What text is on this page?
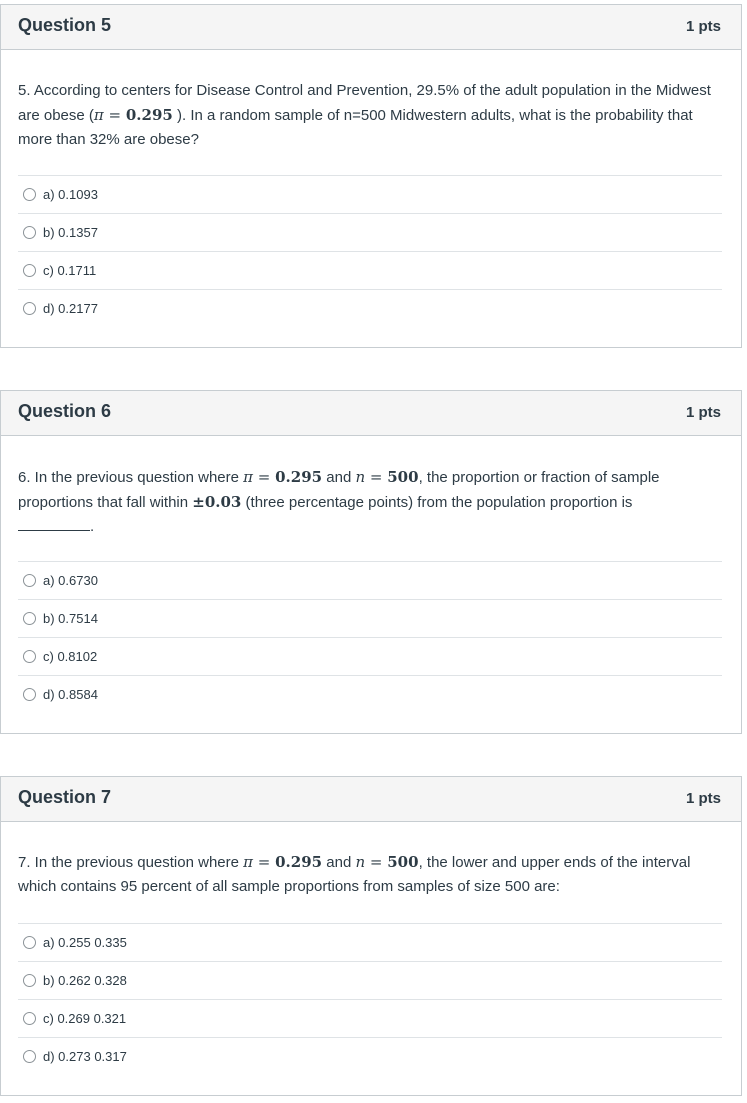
Question 5	1 pts
5. According to centers for Disease Control and Prevention, 29.5% of the adult population in the Midwest are obese (π = 0.295 ). In a random sample of n=500 Midwestern adults, what is the probability that more than 32% are obese?
a) 0.1093
b) 0.1357
c) 0.1711
d) 0.2177
Question 6	1 pts
6. In the previous question where π = 0.295 and n = 500, the proportion or fraction of sample proportions that fall within ±0.03 (three percentage points) from the population proportion is
.
a) 0.6730
b) 0.7514
c) 0.8102
d) 0.8584
Question 7	1 pts
7. In the previous question where π = 0.295 and n = 500, the lower and upper ends of the interval which contains 95 percent of all sample proportions from samples of size 500 are:
a) 0.255 0.335
b) 0.262 0.328
c) 0.269 0.321
d) 0.273 0.317
